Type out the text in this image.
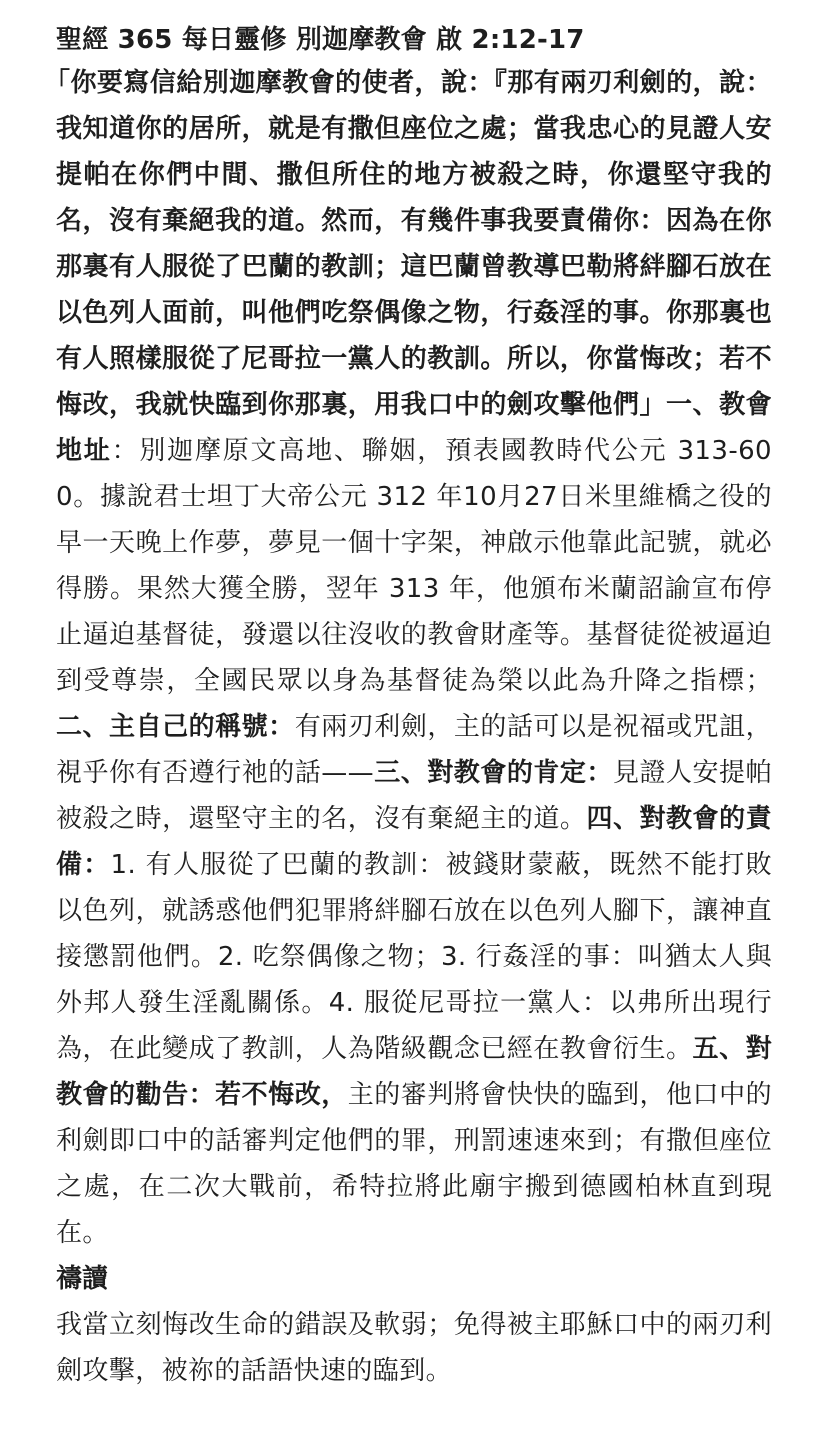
聖經 365 每日靈修 別迦摩教會 啟 2:12-17

「你要寫信給別迦摩教會的使者，說：『那有兩刃利劍的，說：我知道你的居所，就是有撒但座位之處；當我忠心的見證人安提帕在你們中間、撒但所住的地方被殺之時，你還堅守我的名，沒有棄絕我的道。然而，有幾件事我要責備你：因為在你那裏有人服從了巴蘭的教訓；這巴蘭曾教導巴勒將絆腳石放在以色列人面前，叫他們吃祭偶像之物，行姦淫的事。你那裏也有人照樣服從了尼哥拉一黨人的教訓。所以，你當悔改；若不悔改，我就快臨到你那裏，用我口中的劍攻擊他們」一、教會地址：別迦摩原文高地、聯姻，預表國教時代公元 313-600。據說君士坦丁大帝公元 312 年10月27日米里維橋之役的早一天晚上作夢，夢見一個十字架，神啟示他靠此記號，就必得勝。果然大獲全勝，翌年 313 年，他頒布米蘭詔諭宣布停止逼迫基督徒，發還以往沒收的教會財產等。基督徒從被逼迫到受尊崇，全國民眾以身為基督徒為榮以此為升降之指標；二、主自己的稱號：有兩刃利劍，主的話可以是祝福或咒詛，視乎你有否遵行祂的話——三、對教會的肯定：見證人安提帕被殺之時，還堅守主的名，沒有棄絕主的道。四、對教會的責備：1. 有人服從了巴蘭的教訓：被錢財蒙蔽，既然不能打敗以色列，就誘惑他們犯罪將絆腳石放在以色列人腳下，讓神直接懲罰他們。2. 吃祭偶像之物；3. 行姦淫的事：叫猶太人與外邦人發生淫亂關係。4. 服從尼哥拉一黨人：以弗所出現行為，在此變成了教訓，人為階級觀念已經在教會衍生。五、對教會的勸告：若不悔改，主的審判將會快快的臨到，他口中的利劍即口中的話審判定他們的罪，刑罰速速來到；有撒但座位之處，在二次大戰前，希特拉將此廟宇搬到德國柏林直到現在。

禱讀

我當立刻悔改生命的錯誤及軟弱；免得被主耶穌口中的兩刃利劍攻擊，被祢的話語快速的臨到。
